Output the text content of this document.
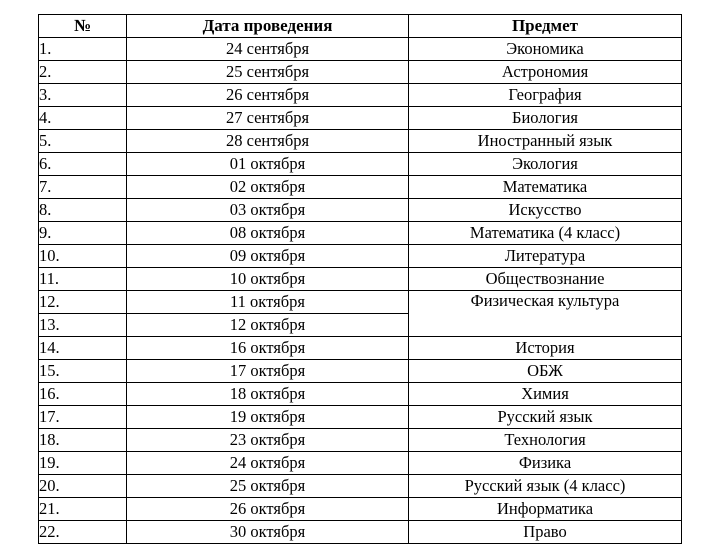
№	Дата проведения	Предмет
1.	24 сентября	Экономика
2.	25 сентября	Астрономия
3.	26 сентября	География
4.	27 сентября	Биология
5.	28 сентября	Иностранный язык
6.	01 октября	Экология
7.	02 октября	Математика
8.	03 октября	Искусство
9.	08 октября	Математика (4 класс)
10.	09 октября	Литература
11.	10 октября	Обществознание
12.	11 октября	Физическая культура
13.	12 октября	
14.	16 октября	История
15.	17 октября	ОБЖ
16.	18 октября	Химия
17.	19 октября	Русский язык
18.	23 октября	Технология
19.	24 октября	Физика
20.	25 октября	Русский язык (4 класс)
21.	26 октября	Информатика
22.	30 октября	Право
